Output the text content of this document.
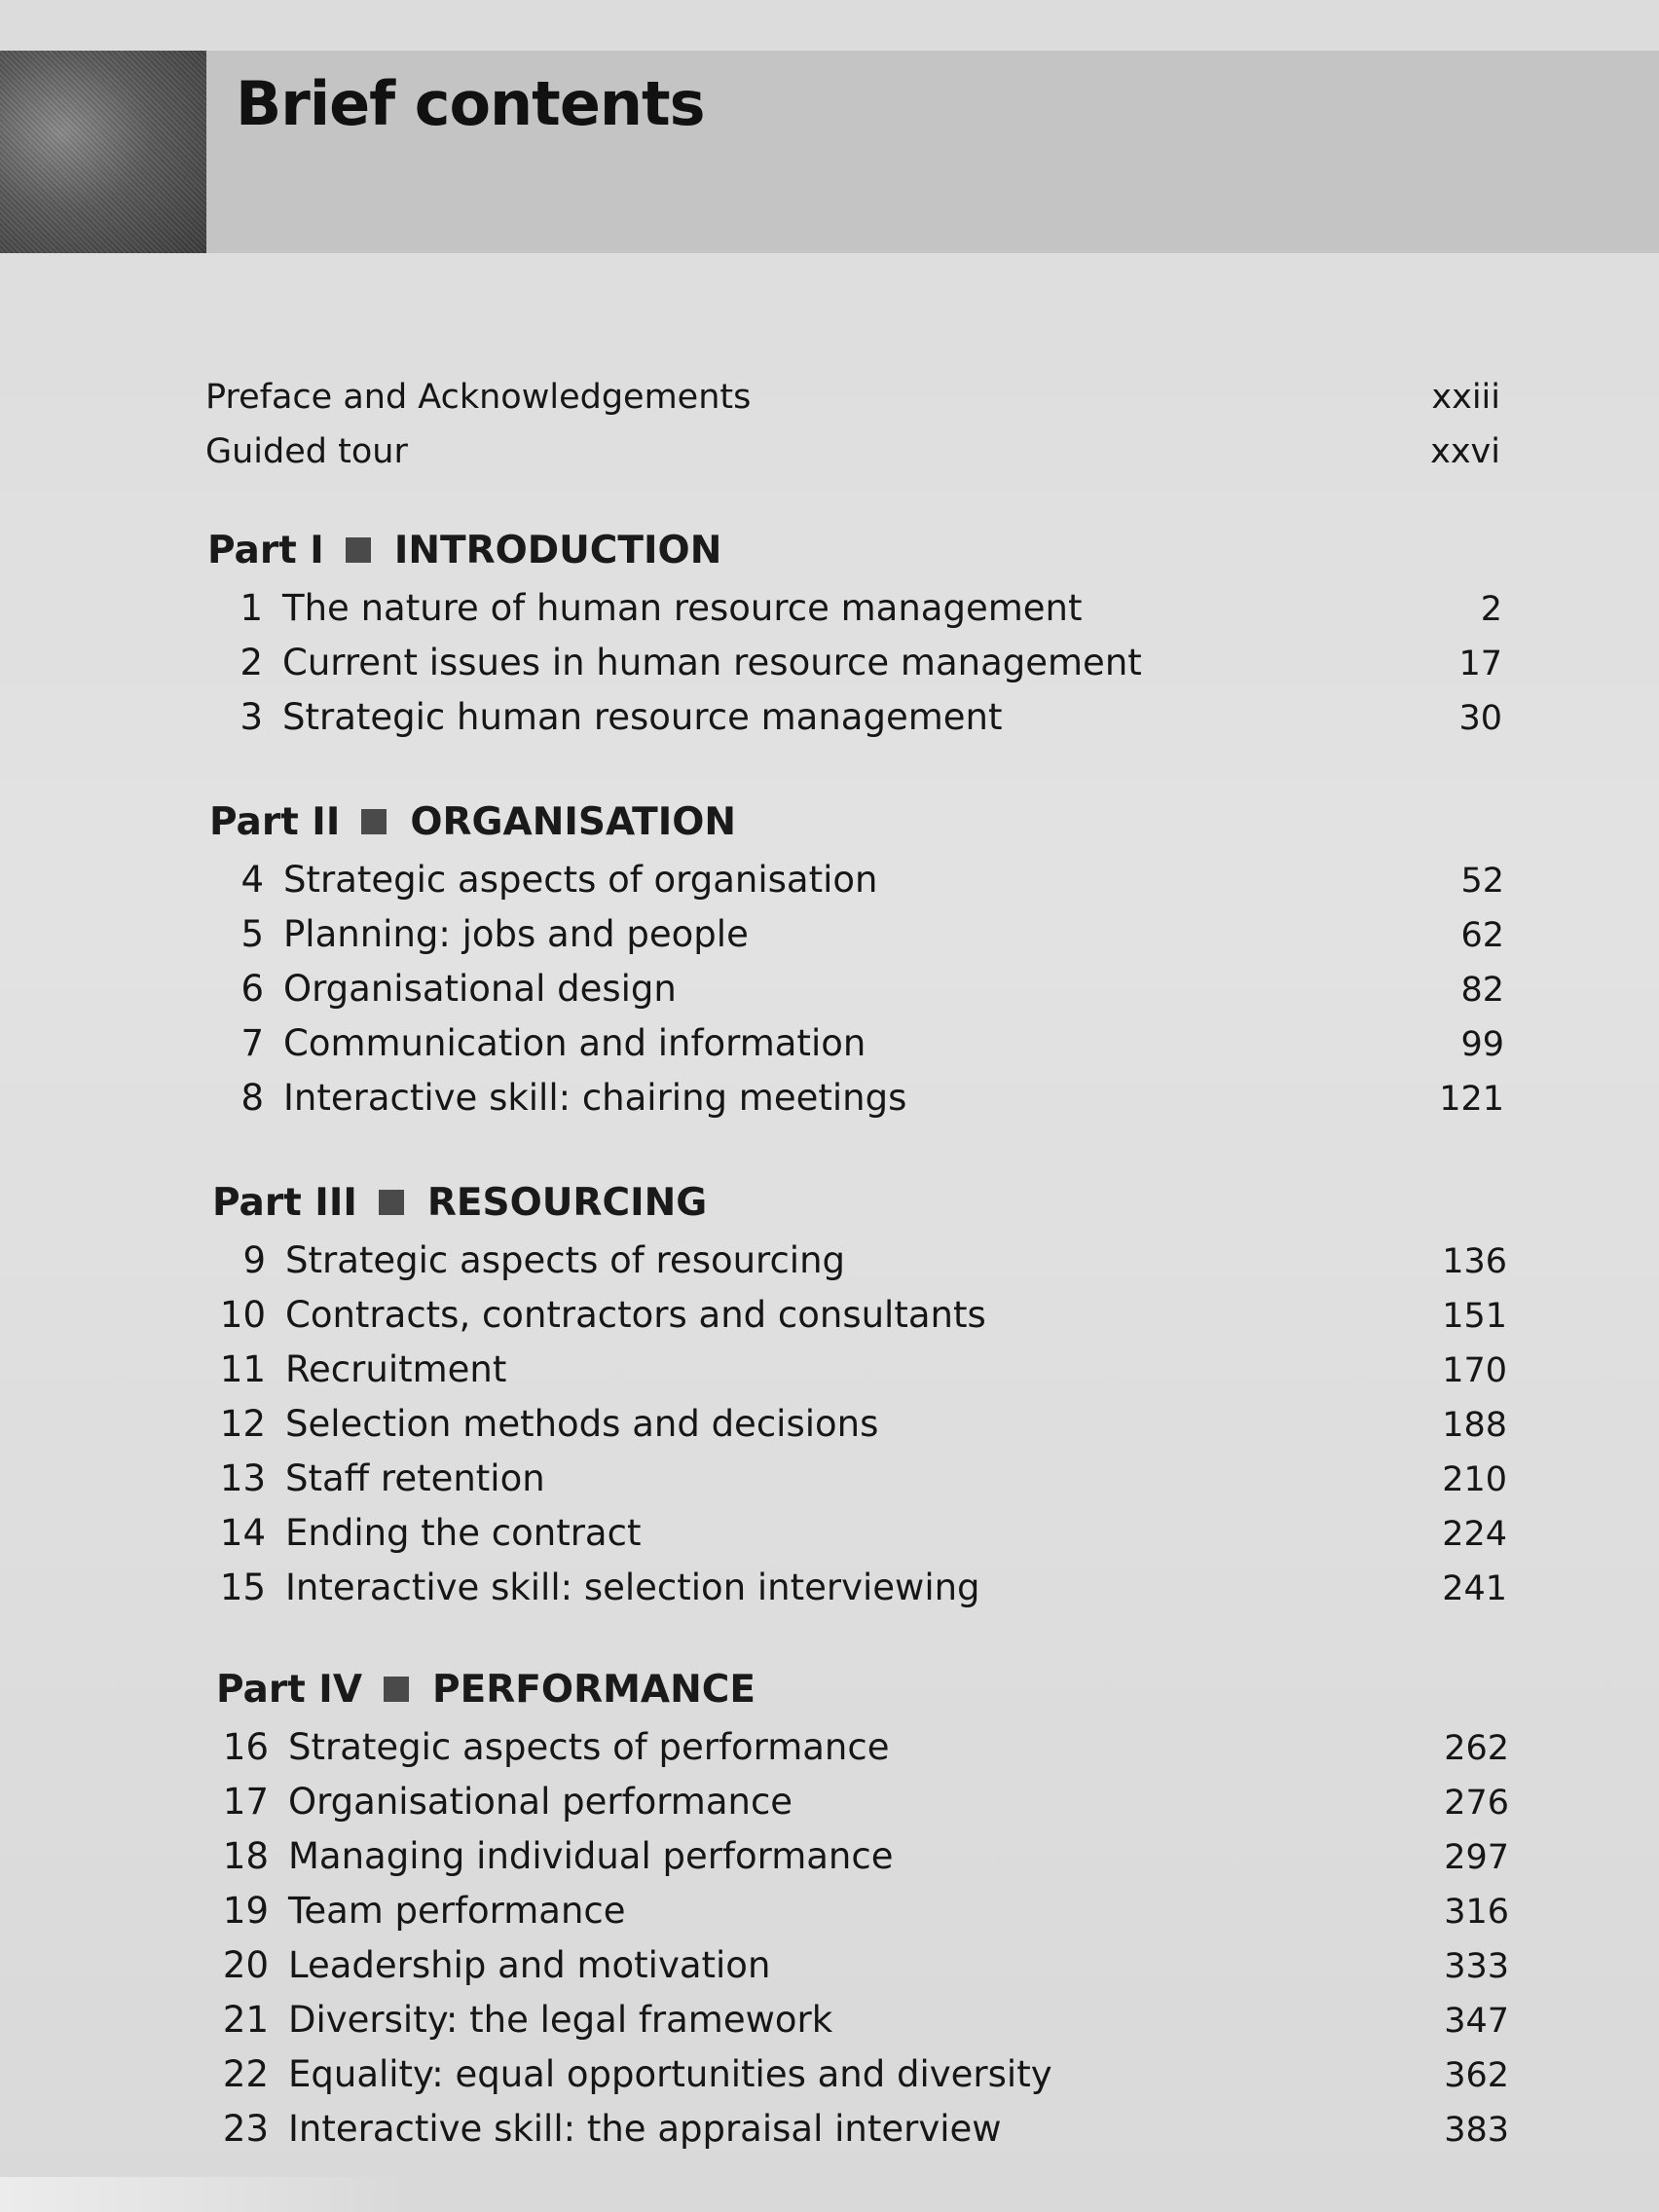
Brief contents
Preface and Acknowledgements	xxiii
Guided tour	xxvi
Part I INTRODUCTION
1 The nature of human resource management	2
2 Current issues in human resource management	17
3 Strategic human resource management	30
Part II ORGANISATION
4 Strategic aspects of organisation	52
5 Planning: jobs and people	62
6 Organisational design	82
7 Communication and information	99
8 Interactive skill: chairing meetings	121
Part III RESOURCING
9 Strategic aspects of resourcing	136
10 Contracts, contractors and consultants	151
11 Recruitment	170
12 Selection methods and decisions	188
13 Staff retention	210
14 Ending the contract	224
15 Interactive skill: selection interviewing	241
Part IV PERFORMANCE
16 Strategic aspects of performance	262
17 Organisational performance	276
18 Managing individual performance	297
19 Team performance	316
20 Leadership and motivation	333
21 Diversity: the legal framework	347
22 Equality: equal opportunities and diversity	362
23 Interactive skill: the appraisal interview	383
